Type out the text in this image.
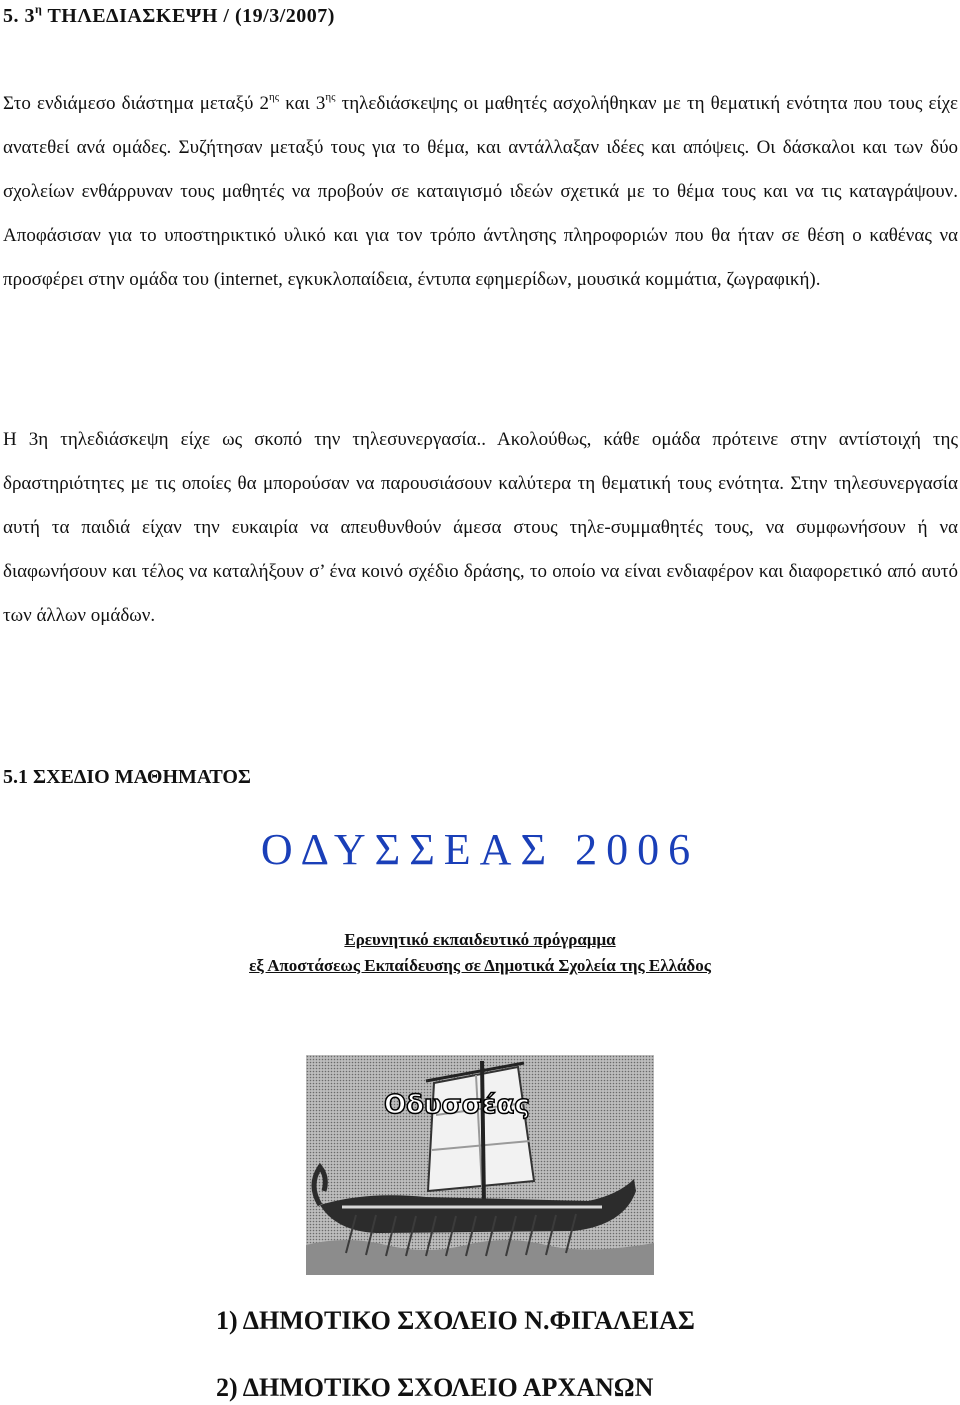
5. $3^\eta$ ΤΗΛΕΔΙΑΣΚΕΨΗ / (19/3/2007)

Στο ενδιάμεσο διάστημα μεταξύ $2^{\eta\varsigma}$ και $3^{\eta\varsigma}$ τηλεδιάσκεψης οι μαθητές ασχολήθηκαν με τη θεματική ενότητα που τους είχε ανατεθεί ανά ομάδες. Συζήτησαν μεταξύ τους για το θέμα, και αντάλλαξαν ιδέες και απόψεις. Οι δάσκαλοι και των δύο σχολείων ενθάρρυναν τους μαθητές να προβούν σε καταιγισμό ιδεών σχετικά με το θέμα τους και να τις καταγράψουν. Αποφάσισαν για το υποστηρικτικό υλικό και για τον τρόπο άντλησης πληροφοριών που θα ήταν σε θέση ο καθένας να προσφέρει στην ομάδα του (internet, εγκυκλοπαίδεια, έντυπα εφημερίδων, μουσικά κομμάτια, ζωγραφική).

Η 3η τηλεδιάσκεψη είχε ως σκοπό την τηλεσυνεργασία.. Ακολούθως, κάθε ομάδα πρότεινε στην αντίστοιχή της δραστηριότητες με τις οποίες θα μπορούσαν να παρουσιάσουν καλύτερα τη θεματική τους ενότητα. Στην τηλεσυνεργασία αυτή τα παιδιά είχαν την ευκαιρία να απευθυνθούν άμεσα στους τηλε-συμμαθητές τους, να συμφωνήσουν ή να διαφωνήσουν και τέλος να καταλήξουν σ’ ένα κοινό σχέδιο δράσης, το οποίο να είναι ενδιαφέρον και διαφορετικό από αυτό των άλλων ομάδων.

5.1 ΣΧΕΔΙΟ ΜΑΘΗΜΑΤΟΣ
ΟΔΥΣΣΕΑΣ 2006
Ερευνητικό εκπαιδευτικό πρόγραμμα
εξ Αποστάσεως Εκπαίδευσης σε Δημοτικά Σχολεία της Ελλάδος
Οδυσσέας
1) ΔΗΜΟΤΙΚΟ ΣΧΟΛΕΙΟ Ν.ΦΙΓΑΛΕΙΑΣ
2) ΔΗΜΟΤΙΚΟ ΣΧΟΛΕΙΟ ΑΡΧΑΝΩΝ
